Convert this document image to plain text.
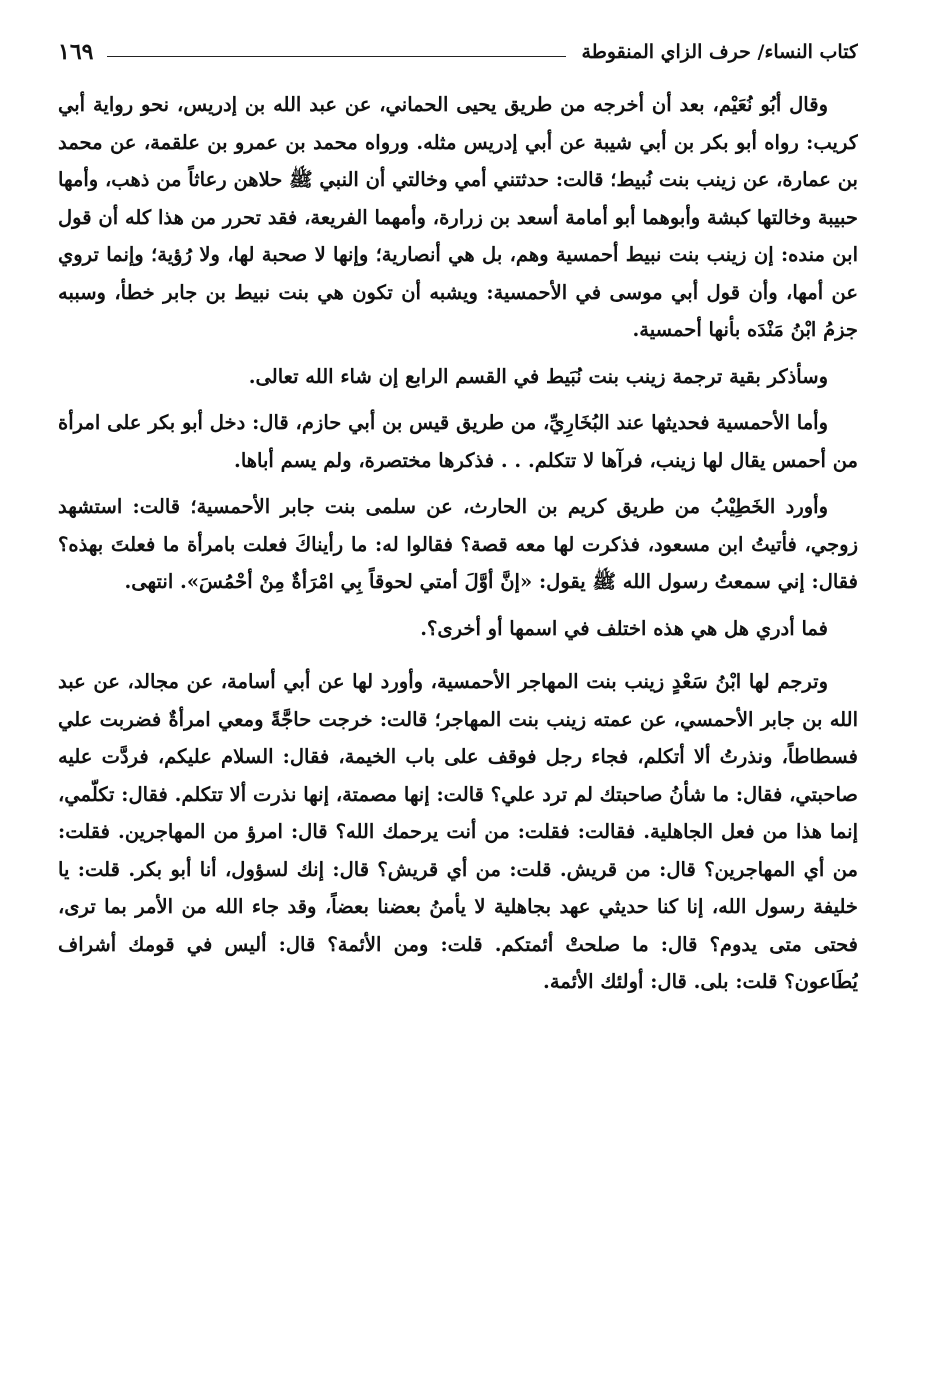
كتاب النساء/ حرف الزاي المنقوطة
١٦٩

وقال أبُو نُعَيْم، بعد أن أخرجه من طريق يحيى الحماني، عن عبد الله بن إدريس، نحو رواية أبي كريب: رواه أبو بكر بن أبي شيبة عن أبي إدريس مثله. ورواه محمد بن عمرو بن علقمة، عن محمد بن عمارة، عن زينب بنت نُبيط؛ قالت: حدثتني أمي وخالتي أن النبي ﷺ حلاهن رعاثاً من ذهب، وأمها حبيبة وخالتها كبشة وأبوهما أبو أمامة أسعد بن زرارة، وأمهما الفريعة، فقد تحرر من هذا كله أن قول ابن منده: إن زينب بنت نبيط أحمسية وهم، بل هي أنصارية؛ وإنها لا صحبة لها، ولا رُؤية؛ وإنما تروي عن أمها، وأن قول أبي موسى في الأحمسية: ويشبه أن تكون هي بنت نبيط بن جابر خطأ، وسببه جزمُ ابْنُ مَنْدَه بأنها أحمسية.

وسأذكر بقية ترجمة زينب بنت نُبَيط في القسم الرابع إن شاء الله تعالى.

وأما الأحمسية فحديثها عند البُخَارِيِّ، من طريق قيس بن أبي حازم، قال: دخل أبو بكر على امرأة من أحمس يقال لها زينب، فرآها لا تتكلم. . . فذكرها مختصرة، ولم يسم أباها.

وأورد الخَطِيْبُ من طريق كريم بن الحارث، عن سلمى بنت جابر الأحمسية؛ قالت: استشهد زوجي، فأتيتُ ابن مسعود، فذكرت لها معه قصة؟ فقالوا له: ما رأيناكَ فعلت بامرأة ما فعلتَ بهذه؟ فقال: إني سمعتُ رسول الله ﷺ يقول: «إنَّ أوَّلَ أمتي لحوقاً بِي امْرَأةٌ مِنْ أحْمُسَ». انتهى.

فما أدري هل هي هذه اختلف في اسمها أو أخرى؟.

وترجم لها ابْنُ سَعْدٍ زينب بنت المهاجر الأحمسية، وأورد لها عن أبي أسامة، عن مجالد، عن عبد الله بن جابر الأحمسي، عن عمته زينب بنت المهاجر؛ قالت: خرجت حاجَّةً ومعي امرأةٌ فضربت علي فسطاطاً، ونذرتُ ألا أتكلم، فجاء رجل فوقف على باب الخيمة، فقال: السلام عليكم، فردَّت عليه صاحبتي، فقال: ما شأنُ صاحبتك لم ترد علي؟ قالت: إنها مصمتة، إنها نذرت ألا تتكلم. فقال: تكلّمي، إنما هذا من فعل الجاهلية. فقالت: فقلت: من أنت يرحمك الله؟ قال: امرؤ من المهاجرين. فقلت: من أي المهاجرين؟ قال: من قريش. قلت: من أي قريش؟ قال: إنك لسؤول، أنا أبو بكر. قلت: يا خليفة رسول الله، إنا كنا حديثي عهد بجاهلية لا يأمنُ بعضنا بعضاً، وقد جاء الله من الأمر بما ترى، فحتى متى يدوم؟ قال: ما صلحتْ أئمتكم. قلت: ومن الأئمة؟ قال: أليس في قومك أشراف يُطَاعون؟ قلت: بلى. قال: أولئك الأئمة.
